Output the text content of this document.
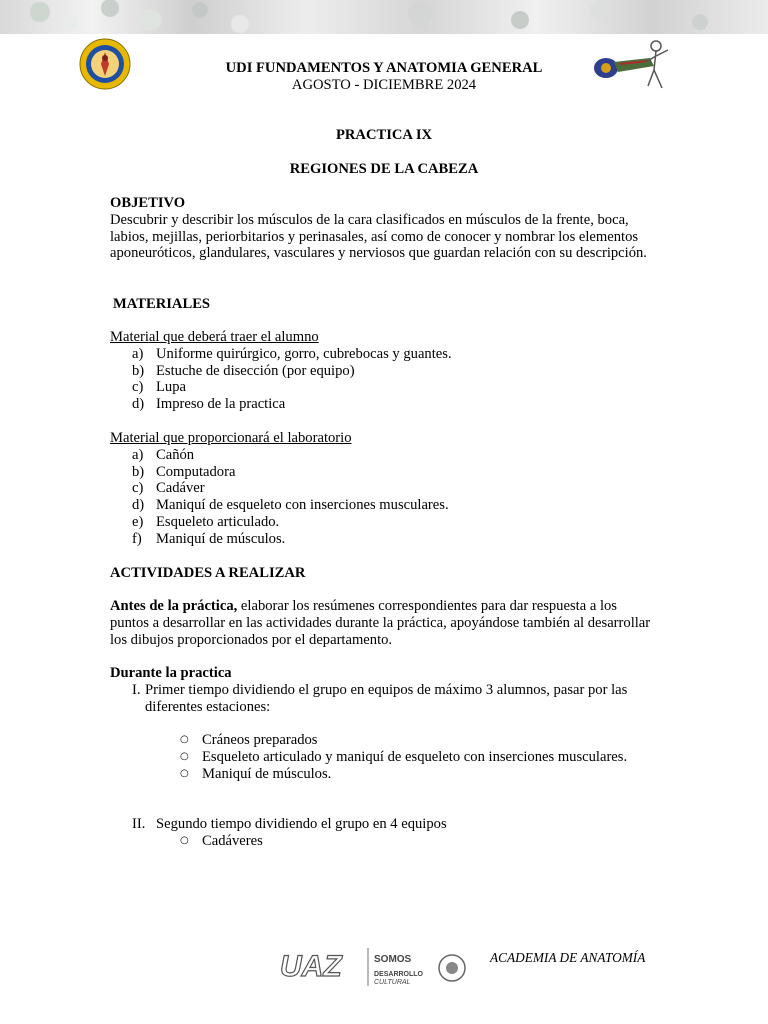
UDI FUNDAMENTOS Y ANATOMIA GENERAL
AGOSTO - DICIEMBRE 2024
PRACTICA IX
REGIONES DE LA CABEZA
OBJETIVO
Descubrir y describir los músculos de la cara clasificados en músculos de la frente, boca, labios, mejillas, periorbitarios y perinasales, así como de conocer y nombrar los elementos aponeuróticos, glandulares, vasculares y nerviosos que guardan relación con su descripción.
MATERIALES
Material que deberá traer el alumno
a) Uniforme quirúrgico, gorro, cubrebocas y guantes.
b) Estuche de disección (por equipo)
c) Lupa
d) Impreso de la practica
Material que proporcionará el laboratorio
a) Cañón
b) Computadora
c) Cadáver
d) Maniquí de esqueleto con inserciones musculares.
e) Esqueleto articulado.
f) Maniquí de músculos.
ACTIVIDADES A REALIZAR
Antes de la práctica, elaborar los resúmenes correspondientes para dar respuesta a los puntos a desarrollar en las actividades durante la práctica, apoyándose también al desarrollar los dibujos proporcionados por el departamento.
Durante la practica
I. Primer tiempo dividiendo el grupo en equipos de máximo 3 alumnos, pasar por las
diferentes estaciones:
○ Cráneos preparados
○ Esqueleto articulado y maniquí de esqueleto con inserciones musculares.
○ Maniquí de músculos.
II. Segundo tiempo dividiendo el grupo en 4 equipos
○ Cadáveres
UAZ	SOMOS
DESARROLLO
CULTURAL
ACADEMIA DE ANATOMÍA
